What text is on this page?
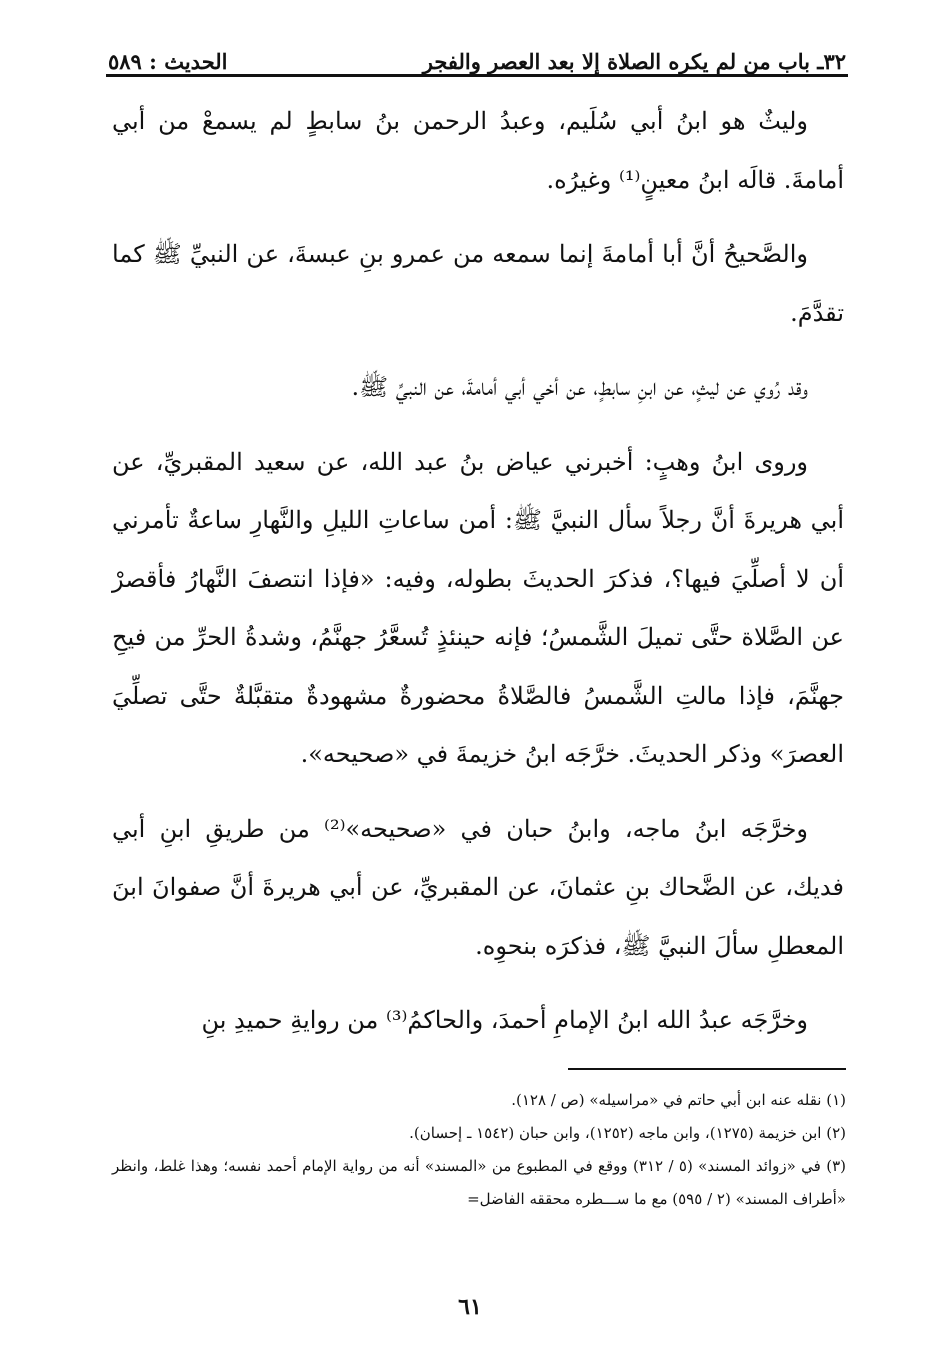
٣٢ـ باب من لم يكره الصلاة إلا بعد العصر والفجر
الحديث : ٥٨٩

وليثٌ هو ابنُ أبي سُلَيم، وعبدُ الرحمن بنُ سابطٍ لم يسمعْ من أبي أمامةَ. قالَه ابنُ معينٍ⁽¹⁾ وغيرُه.

والصَّحيحُ أنَّ أبا أمامةَ إنما سمعه من عمرو بنِ عبسةَ، عن النبيِّ ﷺ كما تقدَّمَ.

وقد رُوي عن ليثٍ، عن ابنِ سابطٍ، عن أخي أبي أمامةَ، عن النبيِّ ﷺ.

وروى ابنُ وهبٍ: أخبرني عياض بنُ عبد الله، عن سعيد المقبريِّ، عن أبي هريرةَ أنَّ رجلاً سأل النبيَّ ﷺ: أمن ساعاتِ الليلِ والنَّهارِ ساعةٌ تأمرني أن لا أصلِّيَ فيها؟، فذكرَ الحديثَ بطوله، وفيه: «فإذا انتصفَ النَّهارُ فأقصرْ عن الصَّلاة حتَّى تميلَ الشَّمسُ؛ فإنه حينئذٍ تُسعَّرُ جهنَّمُ، وشدةُ الحرِّ من فيحِ جهنَّمَ، فإذا مالتِ الشَّمسُ فالصَّلاةُ محضورةٌ مشهودةٌ متقبَّلةٌ حتَّى تصلِّيَ العصرَ» وذكر الحديثَ. خرَّجَه ابنُ خزيمةَ في «صحيحه».

وخرَّجَه ابنُ ماجه، وابنُ حبان في «صحيحه»⁽²⁾ من طريقِ ابنِ أبي فديك، عن الضَّحاك بنِ عثمانَ، عن المقبريِّ، عن أبي هريرةَ أنَّ صفوانَ ابنَ المعطلِ سألَ النبيَّ ﷺ، فذكرَه بنحوِه.

وخرَّجَه عبدُ الله ابنُ الإمامِ أحمدَ، والحاكمُ⁽³⁾ من روايةِ حميدِ بنِ

(١) نقله عنه ابن أبي حاتم في «مراسيله» (ص / ١٢٨).

(٢) ابن خزيمة (١٢٧٥)، وابن ماجه (١٢٥٢)، وابن حبان (١٥٤٢ ـ إحسان).

(٣) في «زوائد المسند» (٥ / ٣١٢) ووقع في المطبوع من «المسند» أنه من رواية الإمام أحمد نفسه؛ وهذا غلط، وانظر «أطراف المسند» (٢ / ٥٩٥) مع ما ســـطره محققه الفاضل=

٦١
